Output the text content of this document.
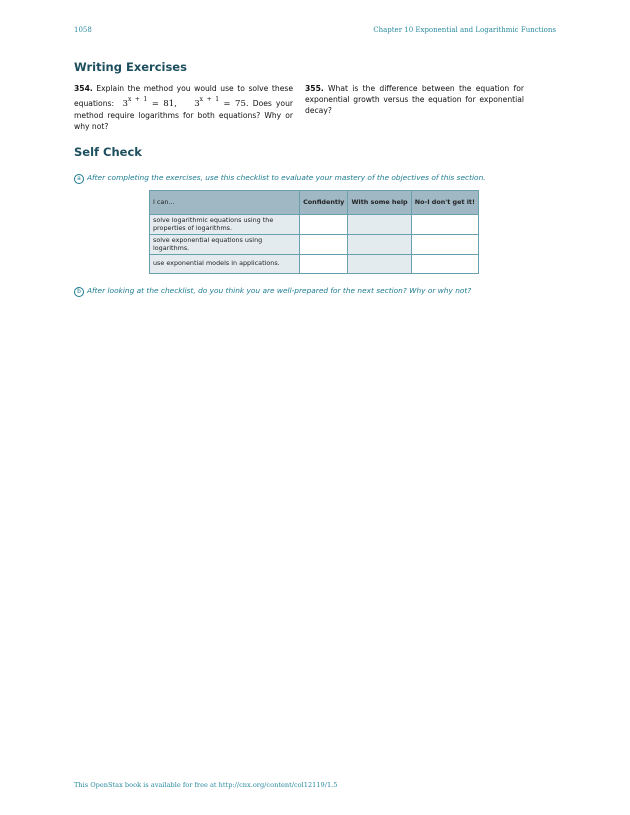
1058	Chapter 10 Exponential and Logarithmic Functions
Writing Exercises
354. Explain the method you would use to solve these equations: $3^{x + 1} = 81$, $3^{x + 1} = 75$. Does your method require logarithms for both equations? Why or why not?
355. What is the difference between the equation for exponential growth versus the equation for exponential decay?
Self Check
a After completing the exercises, use this checklist to evaluate your mastery of the objectives of this section.
I can...	Confidently	With some help	No-I don't get it!
solve logarithmic equations using the properties of logarithms.			
solve exponential equations using logarithms.			
use exponential models in applications.			
b After looking at the checklist, do you think you are well-prepared for the next section? Why or why not?
This OpenStax book is available for free at http://cnx.org/content/col12119/1.5
